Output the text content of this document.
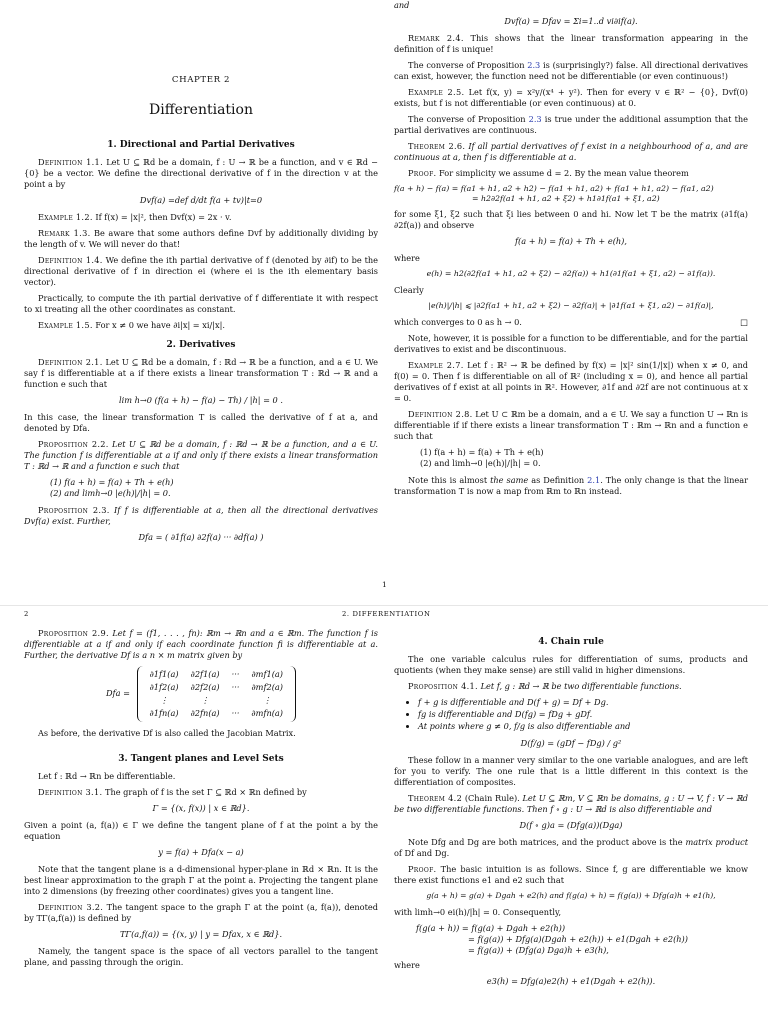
CHAPTER 2
Differentiation
1. Directional and Partial Derivatives

Definition 1.1. Let U ⊆ ℝd be a domain, f : U → ℝ be a function, and v ∈ ℝd − {0} be a vector. We define the directional derivative of f in the direction v at the point a by

Dvf(a) =def d/dt f(a + tv)|t=0

Example 1.2. If f(x) = |x|², then Dvf(x) = 2x · v.

Remark 1.3. Be aware that some authors define Dvf by additionally dividing by the length of v. We will never do that!

Definition 1.4. We define the ith partial derivative of f (denoted by ∂if) to be the directional derivative of f in direction ei (where ei is the ith elementary basis vector).

Practically, to compute the ith partial derivative of f differentiate it with respect to xi treating all the other coordinates as constant.

Example 1.5. For x ≠ 0 we have ∂i|x| = xi/|x|.

2. Derivatives

Definition 2.1. Let U ⊆ ℝd be a domain, f : ℝd → ℝ be a function, and a ∈ U. We say f is differentiable at a if there exists a linear transformation T : ℝd → ℝ and a function e such that

lim h→0 (f(a + h) − f(a) − Th) / |h| = 0 .

In this case, the linear transformation T is called the derivative of f at a, and denoted by Dfa.

Proposition 2.2. Let U ⊆ ℝd be a domain, f : ℝd → ℝ be a function, and a ∈ U. The function f is differentiable at a if and only if there exists a linear transformation T : ℝd → ℝ and a function e such that

(1) f(a + h) = f(a) + Th + e(h)
(2) and limh→0 |e(h)|/|h| = 0.

Proposition 2.3. If f is differentiable at a, then all the directional derivatives Dvf(a) exist. Further,

Dfa = ( ∂1f(a) ∂2f(a) ··· ∂df(a) )

and

Dvf(a) = Dfav = Σi=1..d vi∂if(a).

Remark 2.4. This shows that the linear transformation appearing in the definition of f is unique!

The converse of Proposition 2.3 is (surprisingly?) false. All directional derivatives can exist, however, the function need not be differentiable (or even continuous!)

Example 2.5. Let f(x, y) = x²y/(x⁴ + y²). Then for every v ∈ ℝ² − {0}, Dvf(0) exists, but f is not differentiable (or even continuous) at 0.

The converse of Proposition 2.3 is true under the additional assumption that the partial derivatives are continuous.

Theorem 2.6. If all partial derivatives of f exist in a neighbourhood of a, and are continuous at a, then f is differentiable at a.

Proof. For simplicity we assume d = 2. By the mean value theorem

f(a + h) − f(a) = f(a1 + h1, a2 + h2) − f(a1 + h1, a2) + f(a1 + h1, a2) − f(a1, a2)
= h2∂2f(a1 + h1, a2 + ξ2) + h1∂1f(a1 + ξ1, a2)

for some ξ1, ξ2 such that ξi lies between 0 and hi. Now let T be the matrix (∂1f(a) ∂2f(a)) and observe

f(a + h) = f(a) + Th + e(h),

where

e(h) = h2(∂2f(a1 + h1, a2 + ξ2) − ∂2f(a)) + h1(∂1f(a1 + ξ1, a2) − ∂1f(a)).

Clearly

|e(h)|/|h| ⩽ |∂2f(a1 + h1, a2 + ξ2) − ∂2f(a)| + |∂1f(a1 + ξ1, a2) − ∂1f(a)|,

which converges to 0 as h → 0.	□

Note, however, it is possible for a function to be differentiable, and for the partial derivatives to exist and be discontinuous.

Example 2.7. Let f : ℝ² → ℝ be defined by f(x) = |x|² sin(1/|x|) when x ≠ 0, and f(0) = 0. Then f is differentiable on all of ℝ² (including x = 0), and hence all partial derivatives of f exist at all points in ℝ². However, ∂1f and ∂2f are not continuous at x = 0.

Definition 2.8. Let U ⊂ ℝm be a domain, and a ∈ U. We say a function U → ℝn is differentiable if if there exists a linear transformation T : ℝm → ℝn and a function e such that

(1) f(a + h) = f(a) + Th + e(h)
(2) and limh→0 |e(h)|/|h| = 0.

Note this is almost the same as Definition 2.1. The only change is that the linear transformation T is now a map from ℝm to ℝn instead.

1
2	2. DIFFERENTIATION

Proposition 2.9. Let f = (f1, . . . , fn): ℝm → ℝn and a ∈ ℝm. The function f is differentiable at a if and only if each coordinate function fi is differentiable at a. Further, the derivative Df is a n × m matrix given by

Dfa =
∂1f1(a)	∂2f1(a)	···	∂mf1(a)
∂1f2(a)	∂2f2(a)	···	∂mf2(a)
⋮	⋮		⋮
∂1fn(a)	∂2fn(a)	···	∂mfn(a)

As before, the derivative Df is also called the Jacobian Matrix.

3. Tangent planes and Level Sets

Let f : ℝd → ℝn be differentiable.

Definition 3.1. The graph of f is the set Γ ⊆ ℝd × ℝn defined by

Γ = {(x, f(x)) | x ∈ ℝd}.

Given a point (a, f(a)) ∈ Γ we define the tangent plane of f at the point a by the equation

y = f(a) + Dfa(x − a)

Note that the tangent plane is a d-dimensional hyper-plane in ℝd × ℝn. It is the best linear approximation to the graph Γ at the point a. Projecting the tangent plane into 2 dimensions (by freezing other coordinates) gives you a tangent line.

Definition 3.2. The tangent space to the graph Γ at the point (a, f(a)), denoted by TΓ(a,f(a)) is defined by

TΓ(a,f(a)) = {(x, y) | y = Dfax, x ∈ ℝd}.

Namely, the tangent space is the space of all vectors parallel to the tangent plane, and passing through the origin.

4. Chain rule

The one variable calculus rules for differentiation of sums, products and quotients (when they make sense) are still valid in higher dimensions.

Proposition 4.1. Let f, g : ℝd → ℝ be two differentiable functions.

• f + g is differentiable and D(f + g) = Df + Dg.
• fg is differentiable and D(fg) = fDg + gDf.
• At points where g ≠ 0, f/g is also differentiable and
D(f/g) = (gDf − fDg) / g²

These follow in a manner very similar to the one variable analogues, and are left for you to verify. The one rule that is a little different in this context is the differentiation of composites.

Theorem 4.2 (Chain Rule). Let U ⊆ ℝm, V ⊆ ℝn be domains, g : U → V, f : V → ℝd be two differentiable functions. Then f ∘ g : U → ℝd is also differentiable and

D(f ∘ g)a = (Dfg(a))(Dga)

Note Dfg and Dg are both matrices, and the product above is the matrix product of Df and Dg.

Proof. The basic intuition is as follows. Since f, g are differentiable we know there exist functions e1 and e2 such that

g(a + h) = g(a) + Dgah + e2(h) and f(g(a) + h) = f(g(a)) + Dfg(a)h + e1(h),

with limh→0 ei(h)/|h| = 0. Consequently,

f(g(a + h)) = f(g(a) + Dgah + e2(h))
= f(g(a)) + Dfg(a)(Dgah + e2(h)) + e1(Dgah + e2(h))
= f(g(a)) + (Dfg(a) Dga)h + e3(h),

where

e3(h) = Dfg(a)e2(h) + e1(Dgah + e2(h)).
